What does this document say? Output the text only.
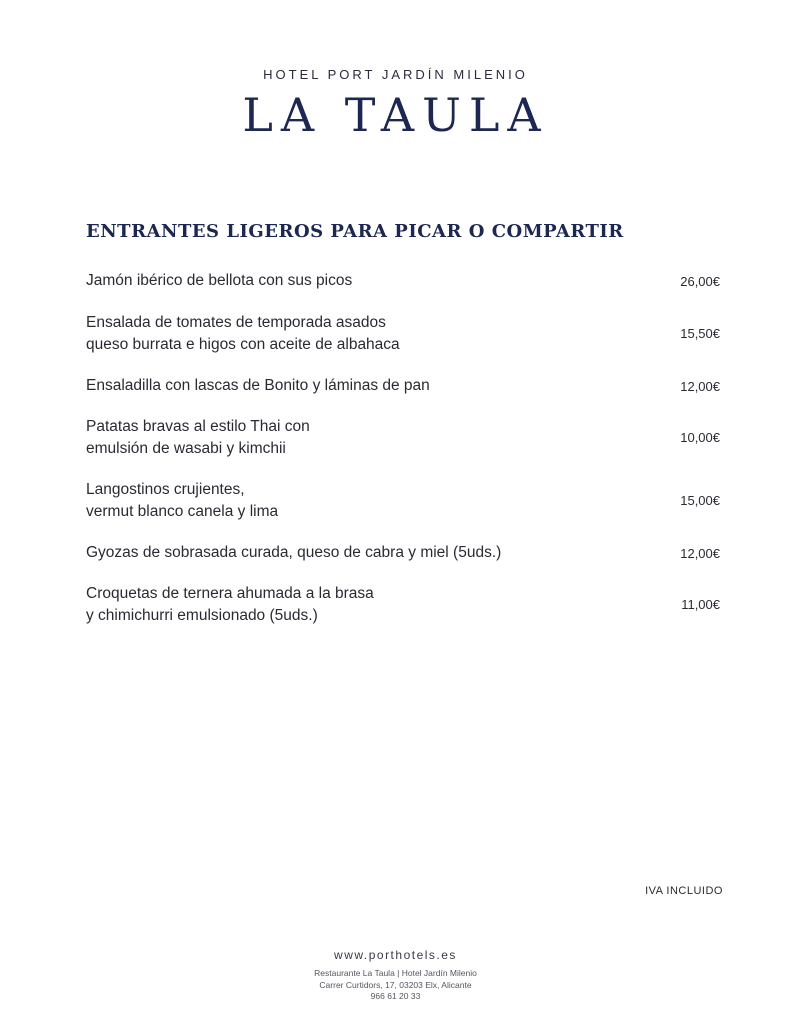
HOTEL PORT JARDÍN MILENIO
LA TAULA
ENTRANTES LIGEROS PARA PICAR O COMPARTIR
Jamón ibérico de bellota con sus picos	26,00€
Ensalada de tomates de temporada asados
queso burrata e higos con aceite de albahaca
15,50€
Ensaladilla con lascas de Bonito y láminas de pan	12,00€
Patatas bravas al estilo Thai con
emulsión de wasabi y kimchii
10,00€
Langostinos crujientes,
vermut blanco canela y lima
15,00€
Gyozas de sobrasada curada, queso de cabra y miel (5uds.)	12,00€
Croquetas de ternera ahumada a la brasa
y chimichurri emulsionado (5uds.)
11,00€
IVA INCLUIDO
www.porthotels.es
Restaurante La Taula | Hotel Jardín Milenio
Carrer Curtidors, 17, 03203 Elx, Alicante
966 61 20 33
